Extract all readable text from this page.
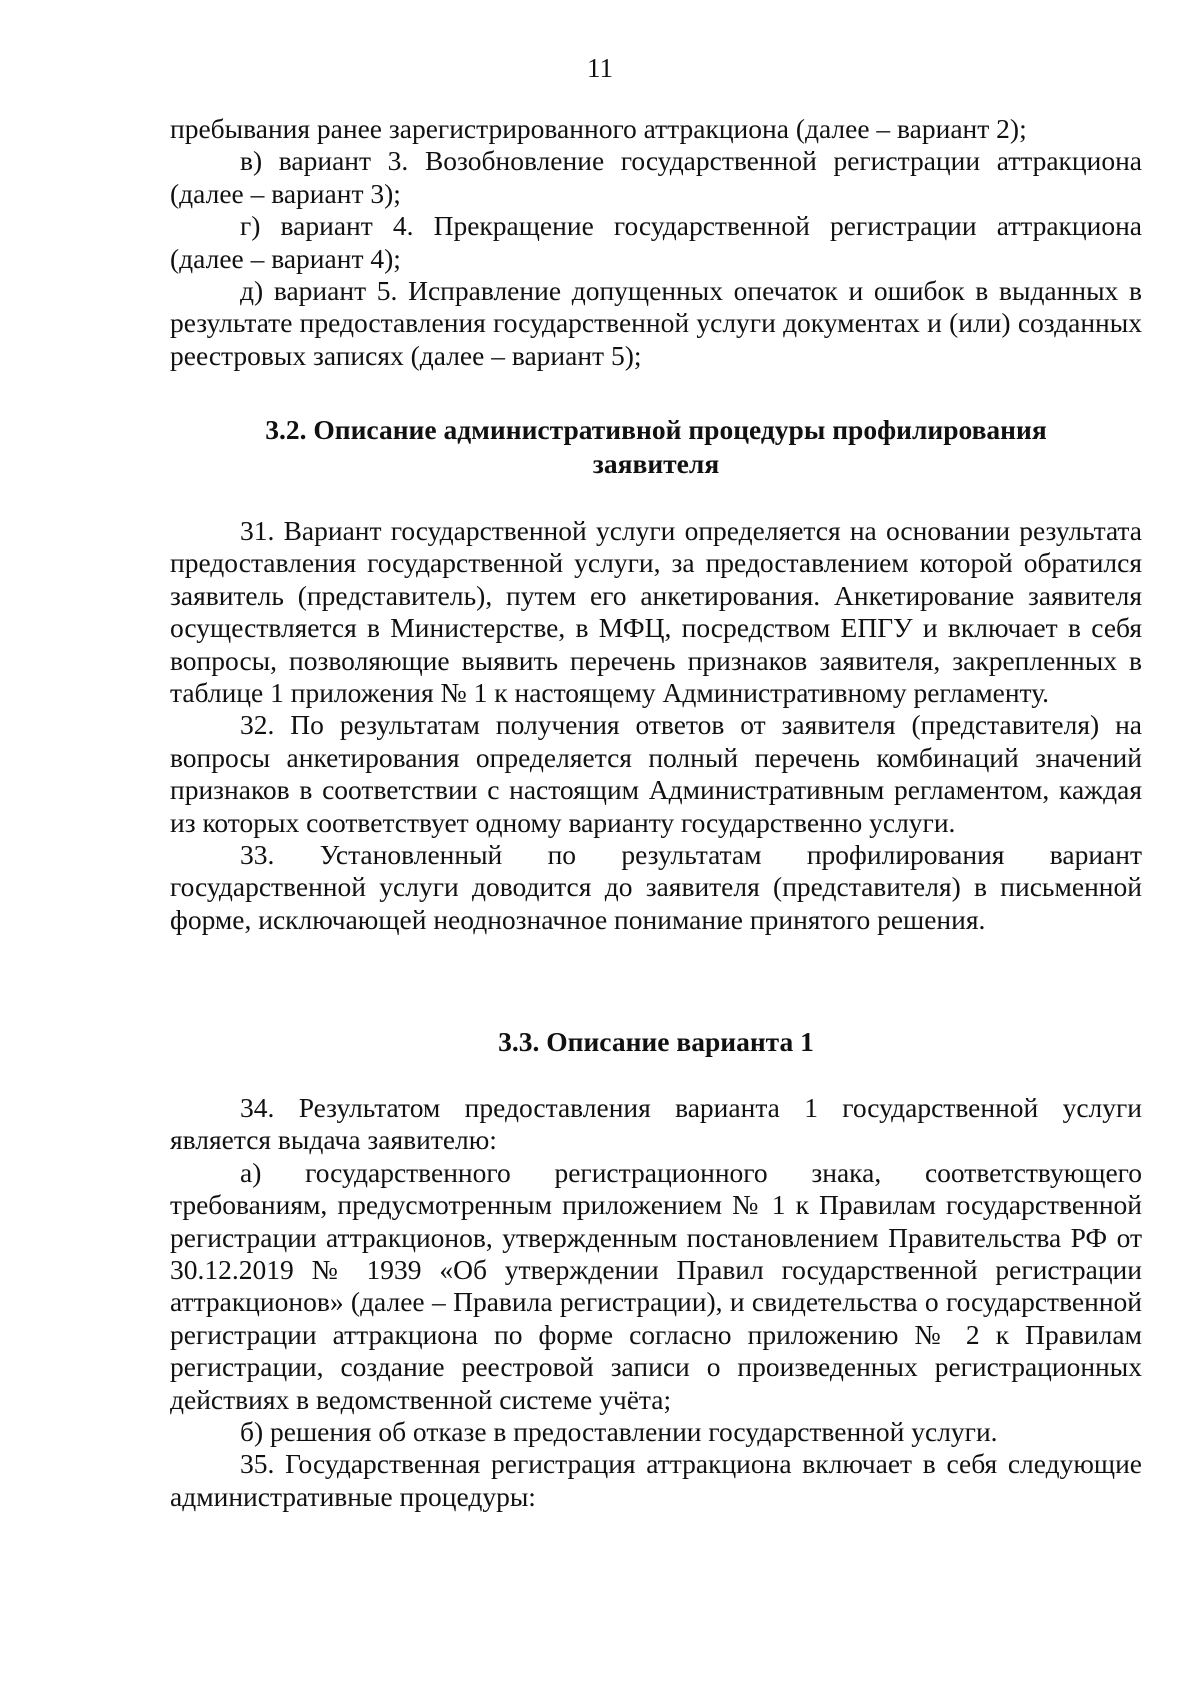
11

пребывания ранее зарегистрированного аттракциона (далее – вариант 2);

в) вариант 3. Возобновление государственной регистрации аттракциона (далее – вариант 3);

г) вариант 4. Прекращение государственной регистрации аттракциона (далее – вариант 4);

д) вариант 5. Исправление допущенных опечаток и ошибок в выданных в результате предоставления государственной услуги документах и (или) созданных реестровых записях (далее – вариант 5);

3.2. Описание административной процедуры профилирования

заявителя

31. Вариант государственной услуги определяется на основании результата предоставления государственной услуги, за предоставлением которой обратился заявитель (представитель), путем его анкетирования. Анкетирование заявителя осуществляется в Министерстве, в МФЦ, посредством ЕПГУ и включает в себя вопросы, позволяющие выявить перечень признаков заявителя, закрепленных в таблице 1 приложения № 1 к настоящему Административному регламенту.

32. По результатам получения ответов от заявителя (представителя) на вопросы анкетирования определяется полный перечень комбинаций значений признаков в соответствии с настоящим Административным регламентом, каждая из которых соответствует одному варианту государственно услуги.

33. Установленный по результатам профилирования вариант государственной услуги доводится до заявителя (представителя) в письменной форме, исключающей неоднозначное понимание принятого решения.

3.3. Описание варианта 1

34. Результатом предоставления варианта 1 государственной услуги является выдача заявителю:

а) государственного регистрационного знака, соответствующего требованиям, предусмотренным приложением № 1 к Правилам государственной регистрации аттракционов, утвержденным постановлением Правительства РФ от 30.12.2019 № 1939 «Об утверждении Правил государственной регистрации аттракционов» (далее – Правила регистрации), и свидетельства о государственной регистрации аттракциона по форме согласно приложению № 2 к Правилам регистрации, создание реестровой записи о произведенных регистрационных действиях в ведомственной системе учёта;

б) решения об отказе в предоставлении государственной услуги.

35. Государственная регистрация аттракциона включает в себя следующие административные процедуры:
